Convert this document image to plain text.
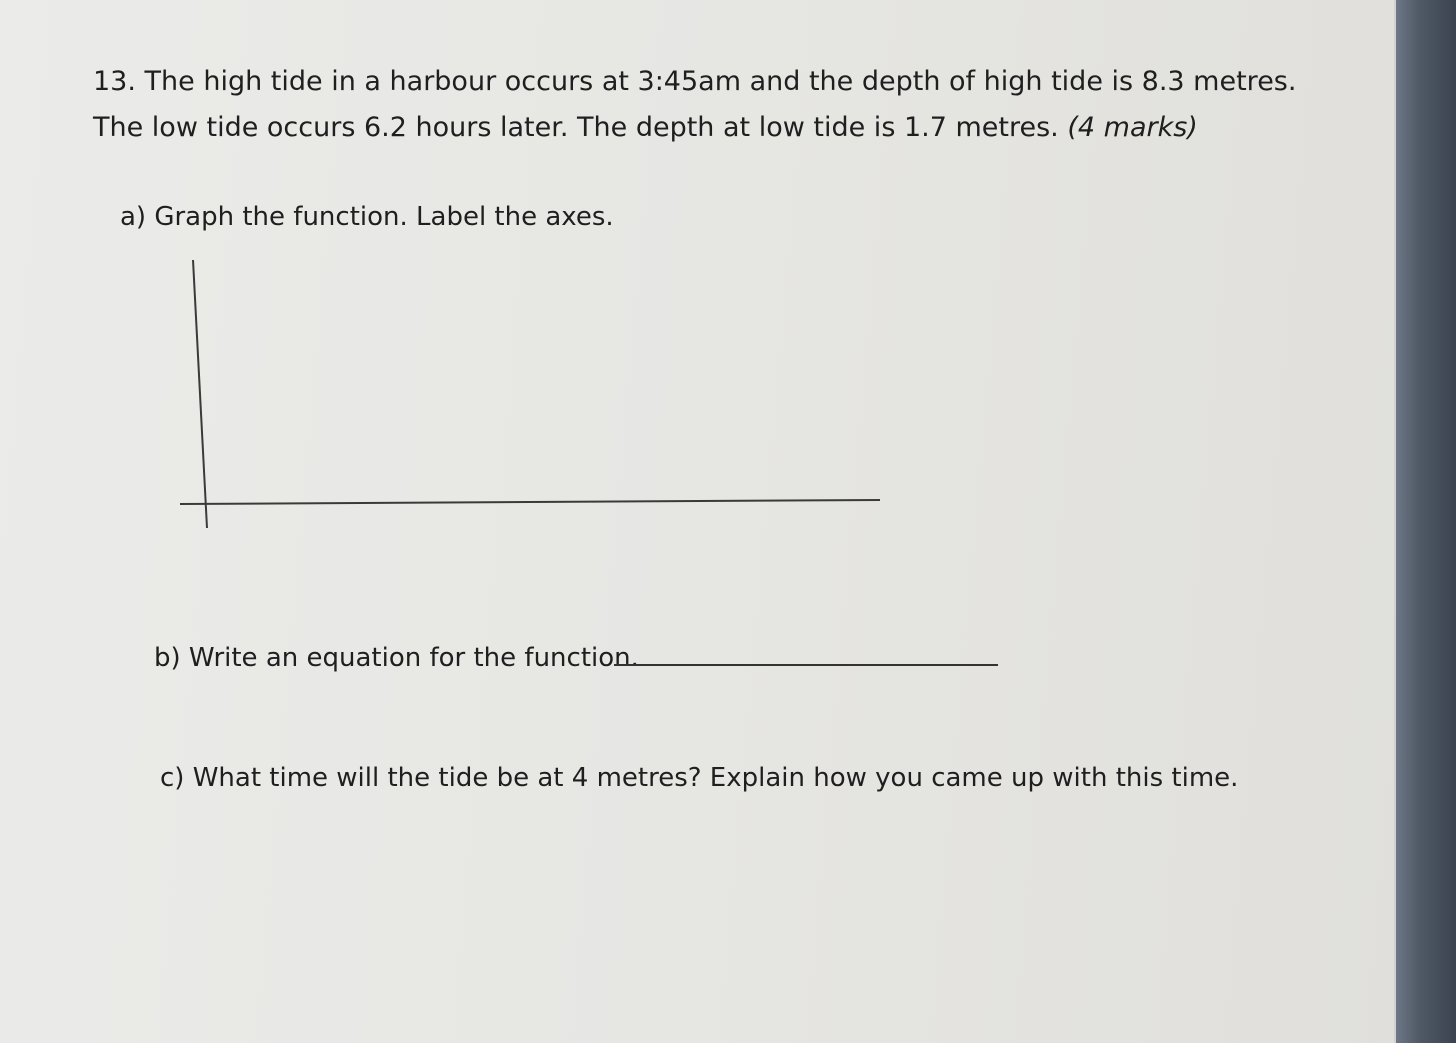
13. The high tide in a harbour occurs at 3:45am and the depth of high tide is 8.3 metres.
The low tide occurs 6.2 hours later. The depth at low tide is 1.7 metres. (4 marks)
a) Graph the function. Label the axes.
b) Write an equation for the function.
c) What time will the tide be at 4 metres? Explain how you came up with this time.
